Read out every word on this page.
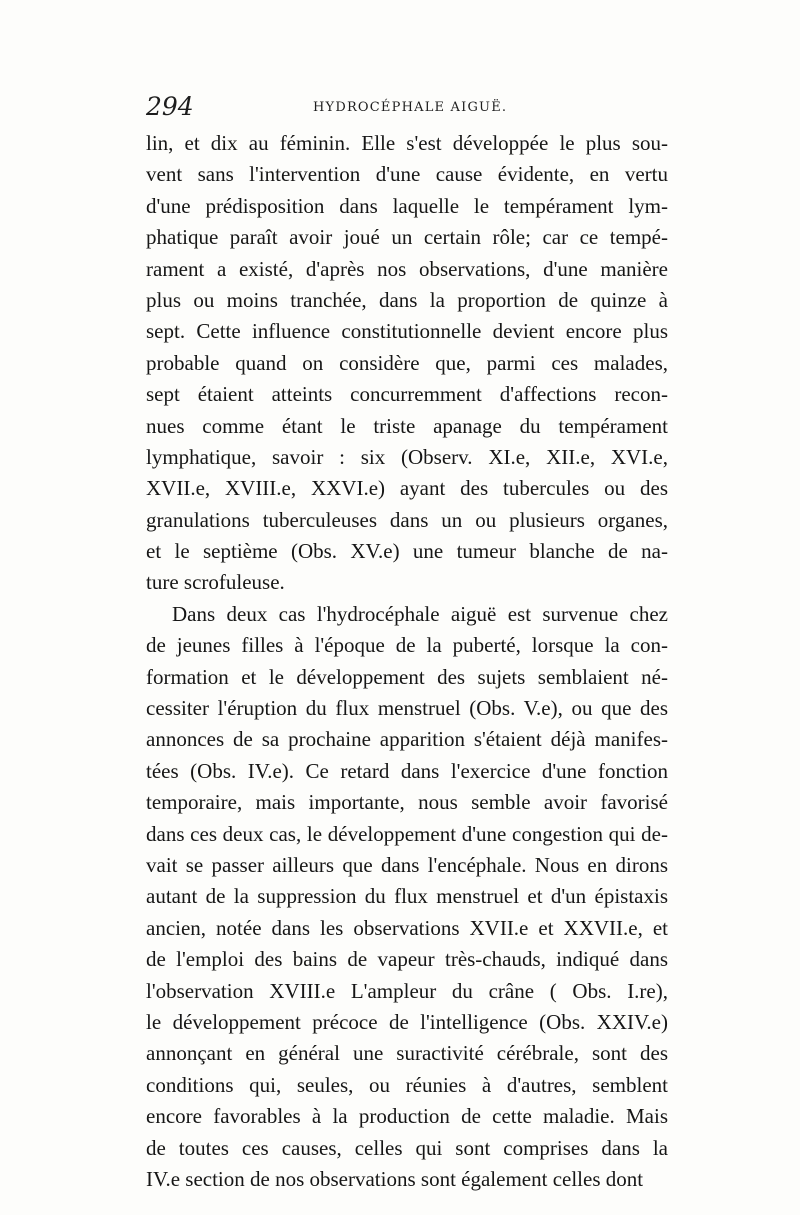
294	HYDROCÉPHALE AIGUË.
lin, et dix au féminin. Elle s'est développée le plus sou-
vent sans l'intervention d'une cause évidente, en vertu
d'une prédisposition dans laquelle le tempérament lym-
phatique paraît avoir joué un certain rôle; car ce tempé-
rament a existé, d'après nos observations, d'une manière
plus ou moins tranchée, dans la proportion de quinze à
sept. Cette influence constitutionnelle devient encore plus
probable quand on considère que, parmi ces malades,
sept étaient atteints concurremment d'affections recon-
nues comme étant le triste apanage du tempérament
lymphatique, savoir : six (Observ. XI.e, XII.e, XVI.e,
XVII.e, XVIII.e, XXVI.e) ayant des tubercules ou des
granulations tuberculeuses dans un ou plusieurs organes,
et le septième (Obs. XV.e) une tumeur blanche de na-
ture scrofuleuse.
Dans deux cas l'hydrocéphale aiguë est survenue chez
de jeunes filles à l'époque de la puberté, lorsque la con-
formation et le développement des sujets semblaient né-
cessiter l'éruption du flux menstruel (Obs. V.e), ou que des
annonces de sa prochaine apparition s'étaient déjà manifes-
tées (Obs. IV.e). Ce retard dans l'exercice d'une fonction
temporaire, mais importante, nous semble avoir favorisé
dans ces deux cas, le développement d'une congestion qui de-
vait se passer ailleurs que dans l'encéphale. Nous en dirons
autant de la suppression du flux menstruel et d'un épistaxis
ancien, notée dans les observations XVII.e et XXVII.e, et
de l'emploi des bains de vapeur très-chauds, indiqué dans
l'observation XVIII.e L'ampleur du crâne ( Obs. I.re),
le développement précoce de l'intelligence (Obs. XXIV.e)
annonçant en général une suractivité cérébrale, sont des
conditions qui, seules, ou réunies à d'autres, semblent
encore favorables à la production de cette maladie. Mais
de toutes ces causes, celles qui sont comprises dans la
IV.e section de nos observations sont également celles dont
